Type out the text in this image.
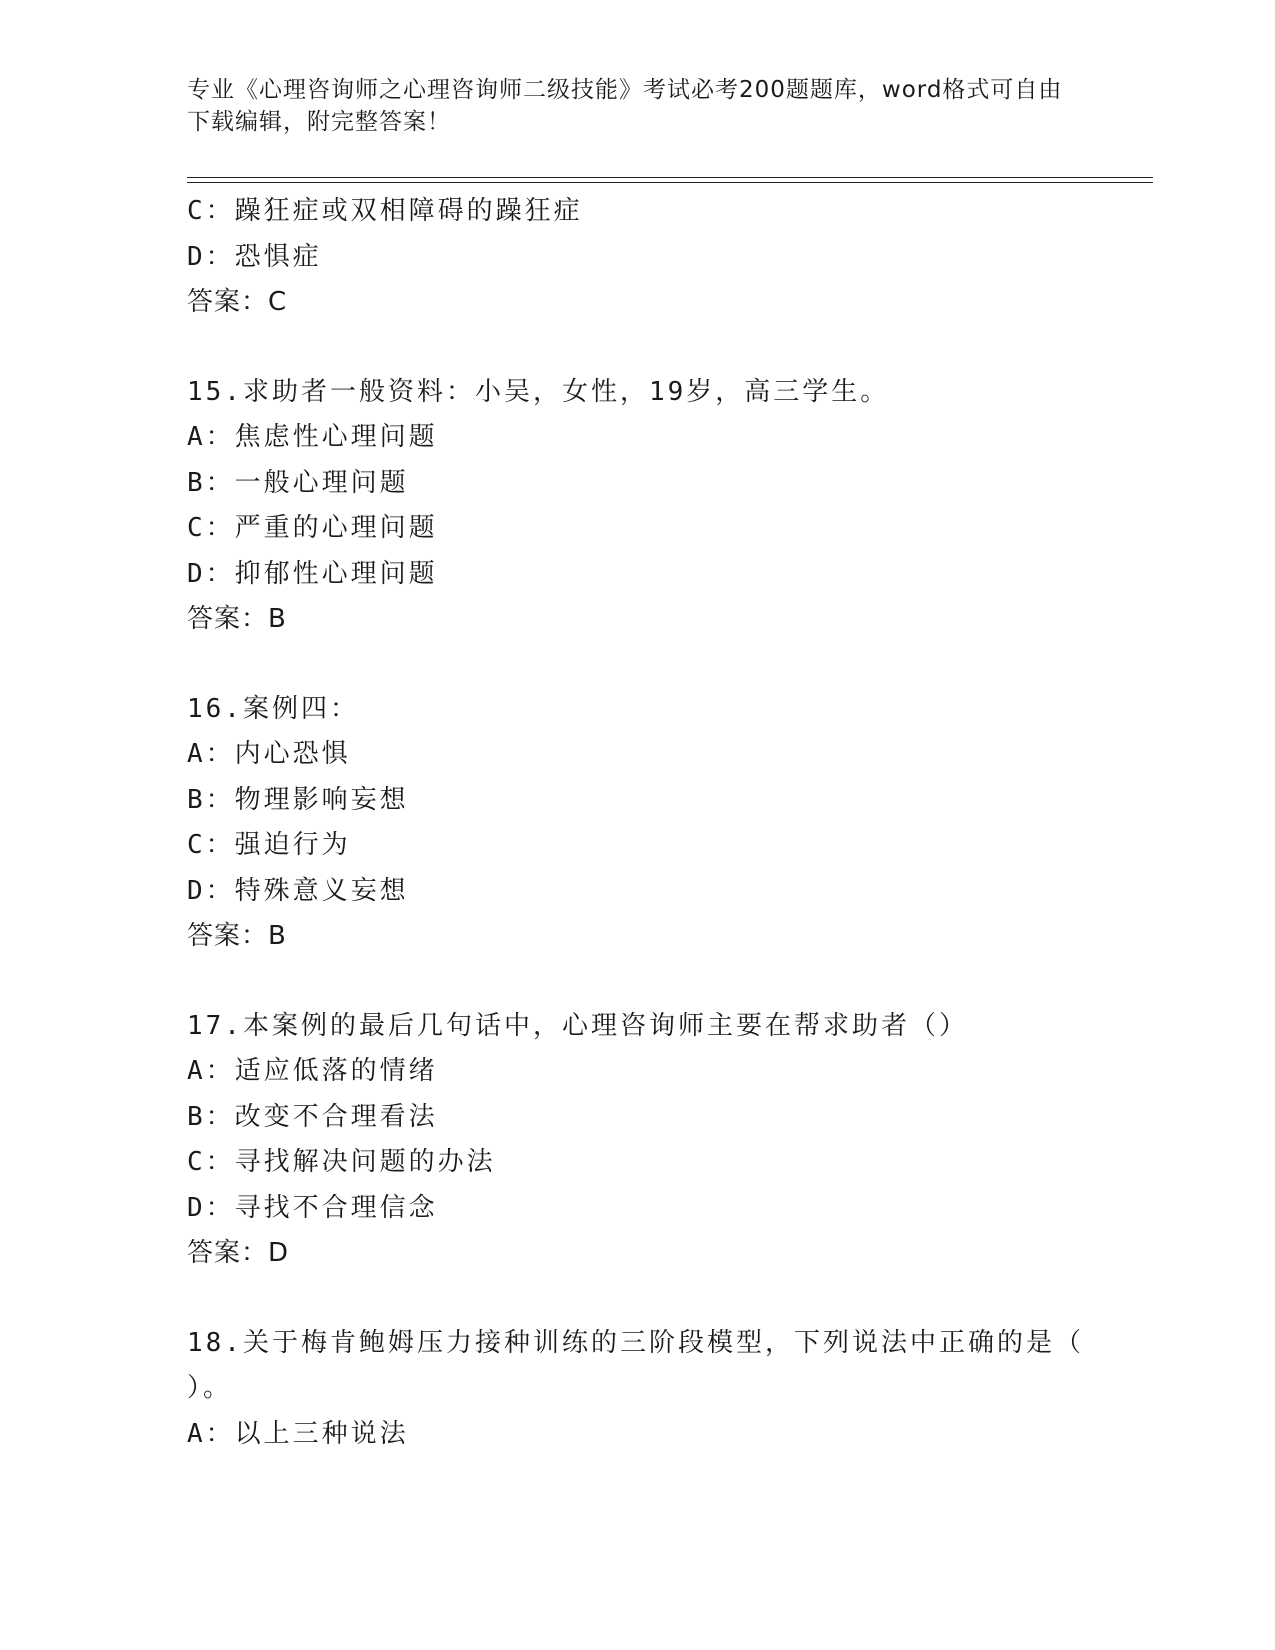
专业《心理咨询师之心理咨询师二级技能》考试必考200题题库，word格式可自由下载编辑，附完整答案！
C：躁狂症或双相障碍的躁狂症
D：恐惧症
答案：C
15.求助者一般资料：小吴，女性，19岁，高三学生。
A：焦虑性心理问题
B：一般心理问题
C：严重的心理问题
D：抑郁性心理问题
答案：B
16.案例四：
A：内心恐惧
B：物理影响妄想
C：强迫行为
D：特殊意义妄想
答案：B
17.本案例的最后几句话中，心理咨询师主要在帮求助者（）
A：适应低落的情绪
B：改变不合理看法
C：寻找解决问题的办法
D：寻找不合理信念
答案：D
18.关于梅肯鲍姆压力接种训练的三阶段模型，下列说法中正确的是（
）。
A：以上三种说法
